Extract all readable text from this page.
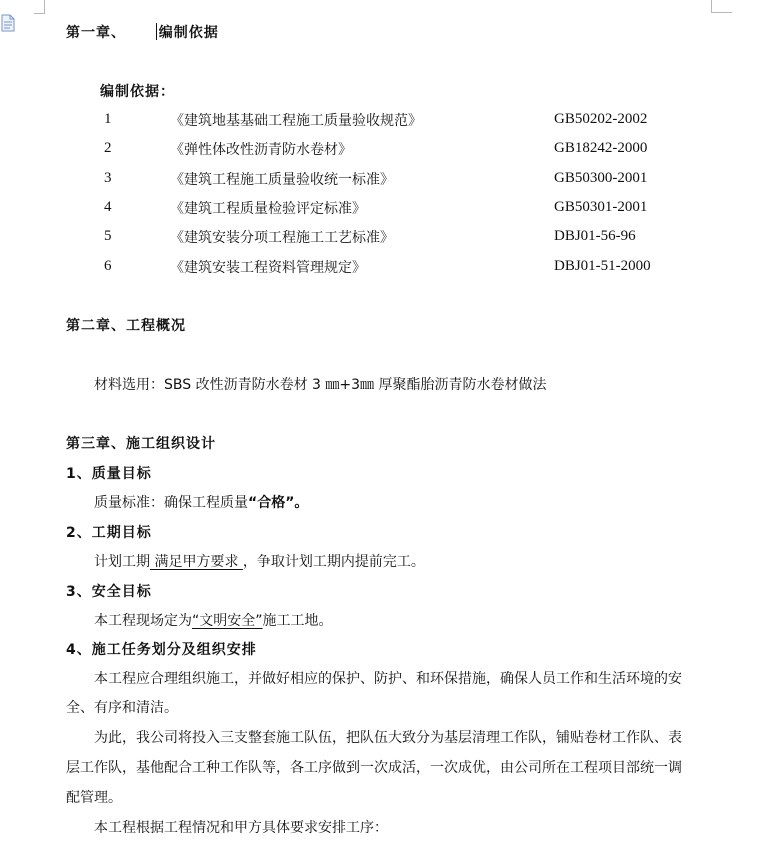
第一章、 编制依据
编制依据：
1	《建筑地基基础工程施工质量验收规范》	GB50202-2002
2	《弹性体改性沥青防水卷材》	GB18242-2000
3	《建筑工程施工质量验收统一标准》	GB50300-2001
4	《建筑工程质量检验评定标准》	GB50301-2001
5	《建筑安装分项工程施工工艺标准》	DBJ01-56-96
6	《建筑安装工程资料管理规定》	DBJ01-51-2000
第二章、工程概况
材料选用：SBS 改性沥青防水卷材 3 ㎜+3㎜ 厚聚酯胎沥青防水卷材做法
第三章、施工组织设计
1、质量目标
质量标准：确保工程质量“合格”。
2、工期目标
计划工期 满足甲方要求 ，争取计划工期内提前完工。
3、安全目标
本工程现场定为“文明安全”施工工地。
4、施工任务划分及组织安排
本工程应合理组织施工，并做好相应的保护、防护、和环保措施，确保人员工作和生活环境的安
全、有序和清洁。
为此，我公司将投入三支整套施工队伍，把队伍大致分为基层清理工作队，铺贴卷材工作队、表
层工作队，基他配合工种工作队等，各工序做到一次成活，一次成优，由公司所在工程项目部统一调
配管理。
本工程根据工程情况和甲方具体要求安排工序：
